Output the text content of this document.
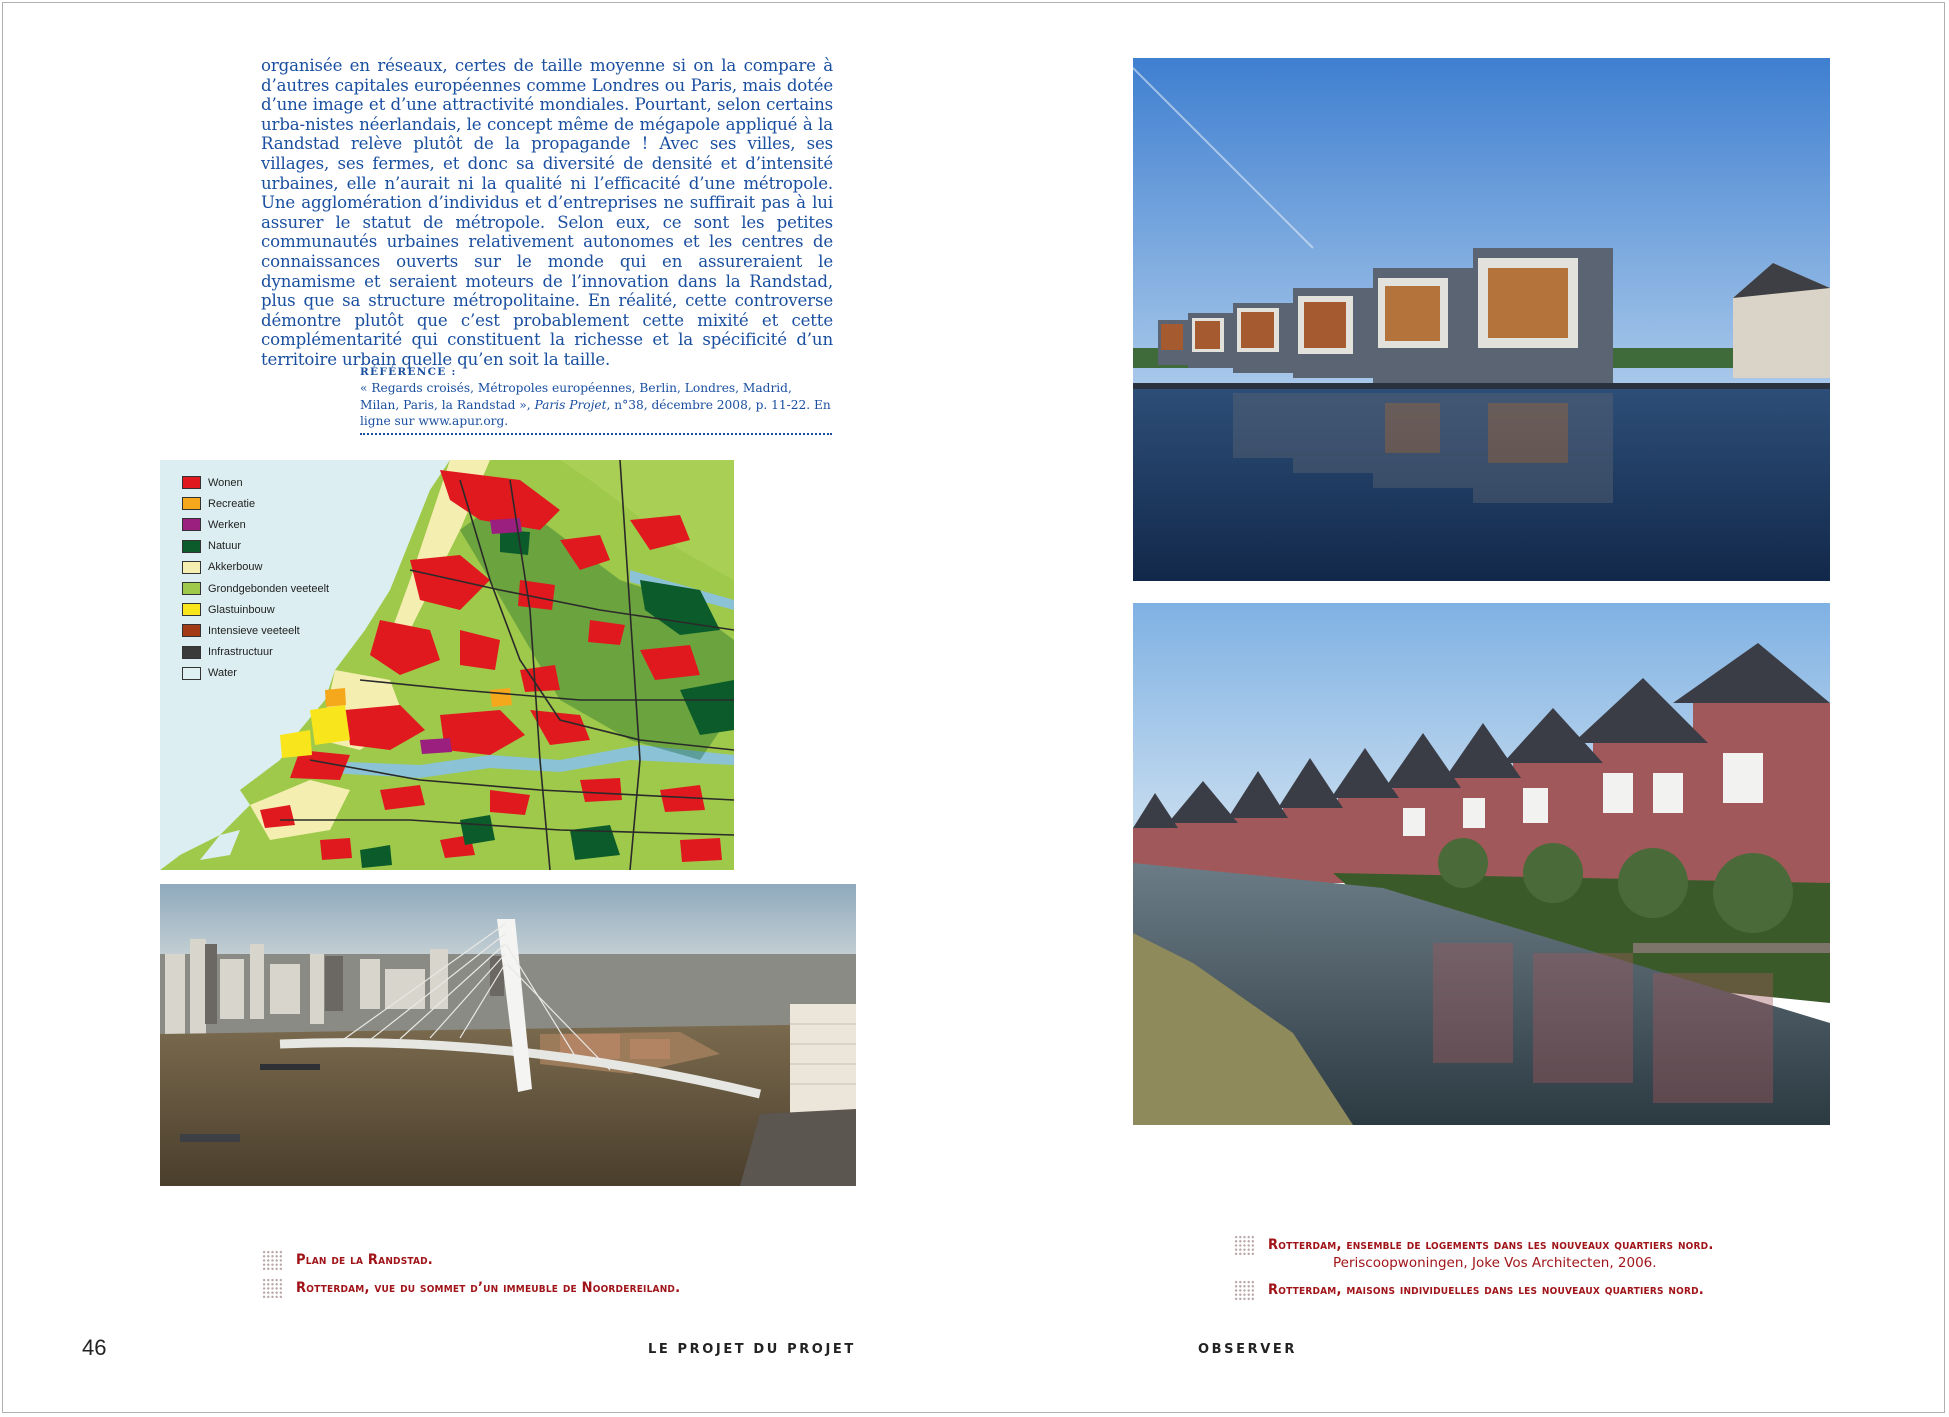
organisée en réseaux, certes de taille moyenne si on la compare à d’autres capitales européennes comme Londres ou Paris, mais dotée d’une image et d’une attractivité mondiales. Pourtant, selon certains urba-nistes néerlandais, le concept même de mégapole appliqué à la Randstad relève plutôt de la propagande ! Avec ses villes, ses villages, ses fermes, et donc sa diversité de densité et d’intensité urbaines, elle n’aurait ni la qualité ni l’efficacité d’une métropole. Une agglomération d’individus et d’entreprises ne suffirait pas à lui assurer le statut de métropole. Selon eux, ce sont les petites communautés urbaines relativement autonomes et les centres de connaissances ouverts sur le monde qui en assureraient le dynamisme et seraient moteurs de l’innovation dans la Randstad, plus que sa structure métropolitaine. En réalité, cette controverse démontre plutôt que c’est probablement cette mixité et cette complémentarité qui constituent la richesse et la spécificité d’un territoire urbain quelle qu’en soit la taille.

RÉFÉRENCE :
« Regards croisés, Métropoles européennes, Berlin, Londres, Madrid, Milan, Paris, la Randstad », Paris Projet, n°38, décembre 2008, p. 11-22. En ligne sur www.apur.org.
Wonen
Recreatie
Werken
Natuur
Akkerbouw
Grondgebonden veeteelt
Glastuinbouw
Intensieve veeteelt
Infrastructuur
Water
Plan de la Randstad.
Rotterdam, vue du sommet d’un immeuble de Noordereiland.
Rotterdam, ensemble de logements dans les nouveaux quartiers nord.
Periscoopwoningen, Joke Vos Architecten, 2006.
Rotterdam, maisons individuelles dans les nouveaux quartiers nord.
46	LE PROJET DU PROJET	OBSERVER
